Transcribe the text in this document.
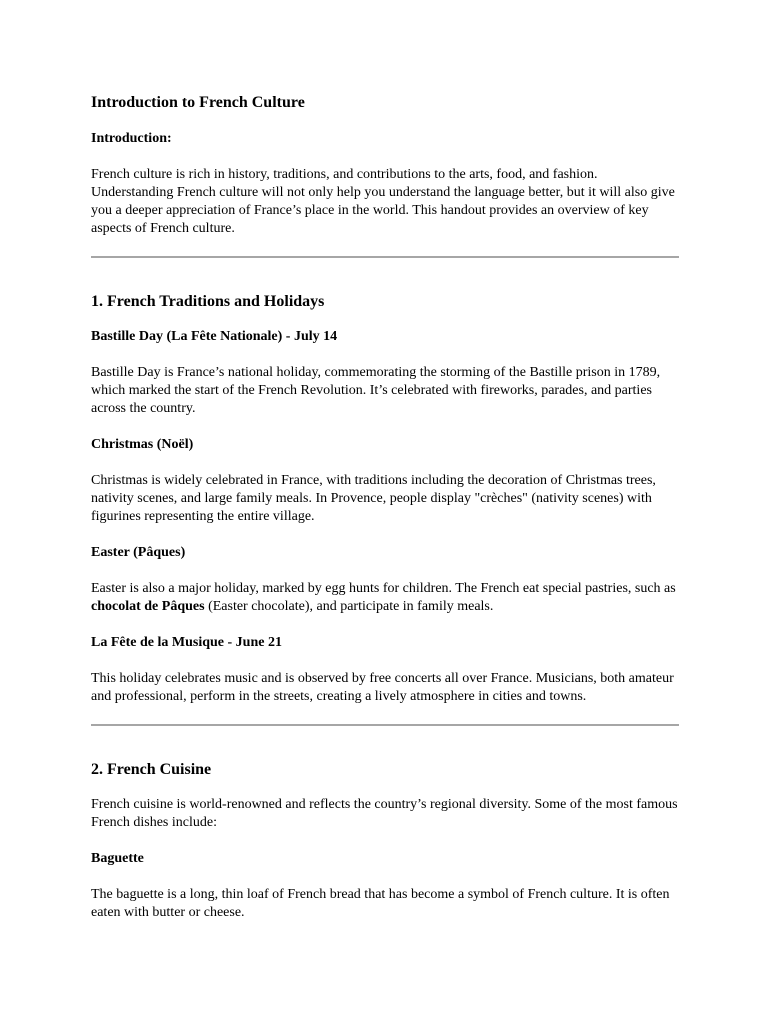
Introduction to French Culture
Introduction:

French culture is rich in history, traditions, and contributions to the arts, food, and fashion. Understanding French culture will not only help you understand the language better, but it will also give you a deeper appreciation of France’s place in the world. This handout provides an overview of key aspects of French culture.

1. French Traditions and Holidays
Bastille Day (La Fête Nationale) - July 14

Bastille Day is France’s national holiday, commemorating the storming of the Bastille prison in 1789, which marked the start of the French Revolution. It’s celebrated with fireworks, parades, and parties across the country.

Christmas (Noël)

Christmas is widely celebrated in France, with traditions including the decoration of Christmas trees, nativity scenes, and large family meals. In Provence, people display "crèches" (nativity scenes) with figurines representing the entire village.

Easter (Pâques)

Easter is also a major holiday, marked by egg hunts for children. The French eat special pastries, such as chocolat de Pâques (Easter chocolate), and participate in family meals.

La Fête de la Musique - June 21

This holiday celebrates music and is observed by free concerts all over France. Musicians, both amateur and professional, perform in the streets, creating a lively atmosphere in cities and towns.

2. French Cuisine

French cuisine is world-renowned and reflects the country’s regional diversity. Some of the most famous French dishes include:

Baguette

The baguette is a long, thin loaf of French bread that has become a symbol of French culture. It is often eaten with butter or cheese.
